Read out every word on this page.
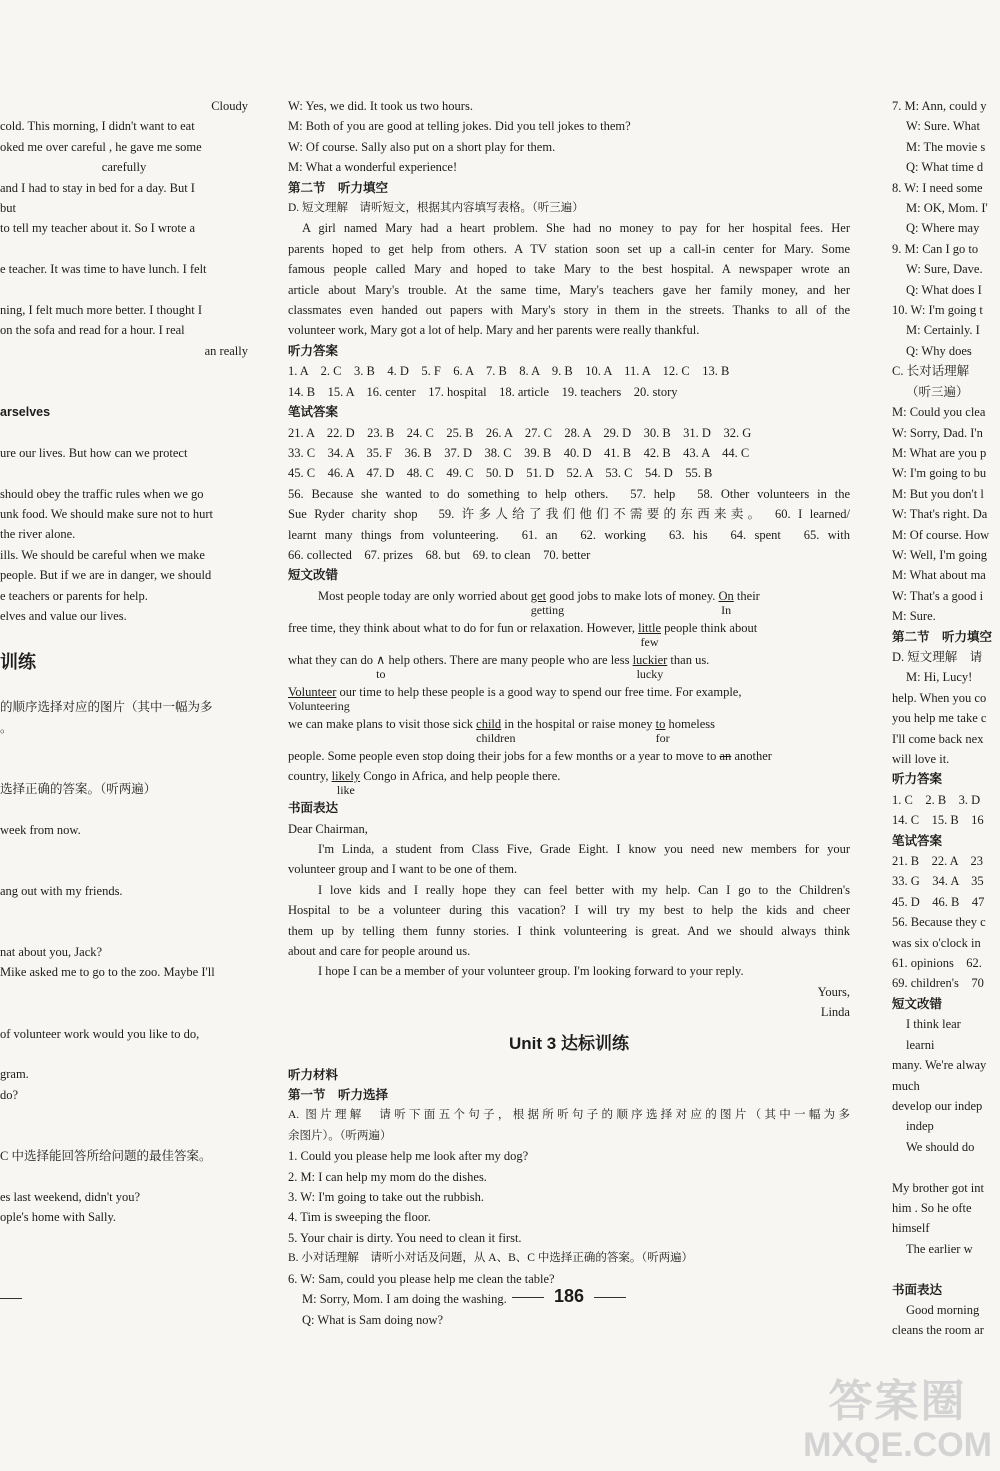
Cloudy
cold. This morning, I didn't want to eat
oked me over careful , he gave me some
carefully
and I had to stay in bed for a day. But I
but
to tell my teacher about it. So I wrote a
e teacher. It was time to have lunch. I felt
ning, I felt much more better. I thought I
on the sofa and read for a hour. I real
an really
arselves
ure our lives. But how can we protect
should obey the traffic rules when we go
unk food. We should make sure not to hurt
the river alone.
ills. We should be careful when we make
people. But if we are in danger, we should
e teachers or parents for help.
elves and value our lives.
训练
的顺序选择对应的图片（其中一幅为多
。
选择正确的答案。（听两遍）
week from now.
ang out with my friends.
nat about you, Jack?
Mike asked me to go to the zoo. Maybe I'll
of volunteer work would you like to do,
gram.
do?
C 中选择能回答所给问题的最佳答案。
es last weekend, didn't you?
ople's home with Sally.
W: Yes, we did. It took us two hours.
M: Both of you are good at telling jokes. Did you tell jokes to them?
W: Of course. Sally also put on a short play for them.
M: What a wonderful experience!
第二节　听力填空
D. 短文理解　请听短文，根据其内容填写表格。（听三遍）
A girl named Mary had a heart problem. She had no money to pay for her hospital fees. Her
parents hoped to get help from others. A TV station soon set up a call-in center for Mary. Some
famous people called Mary and hoped to take Mary to the best hospital. A newspaper wrote an
article about Mary's trouble. At the same time, Mary's teachers gave her family money, and her
classmates even handed out papers with Mary's story in them in the streets. Thanks to all of the
volunteer work, Mary got a lot of help. Mary and her parents were really thankful.
听力答案
1. A　2. C　3. B　4. D　5. F　6. A　7. B　8. A　9. B　10. A　11. A　12. C　13. B
14. B　15. A　16. center　17. hospital　18. article　19. teachers　20. story
笔试答案
21. A　22. D　23. B　24. C　25. B　26. A　27. C　28. A　29. D　30. B　31. D　32. G
33. C　34. A　35. F　36. B　37. D　38. C　39. B　40. D　41. B　42. B　43. A　44. C
45. C　46. A　47. D　48. C　49. C　50. D　51. D　52. A　53. C　54. D　55. B
56. Because she wanted to do something to help others.　57. help　58. Other volunteers in the
Sue Ryder charity shop　59. 许多人给了我们他们不需要的东西来卖。　60. I learned/
learnt many things from volunteering.　61. an　62. working　63. his　64. spent　65. with
66. collected　67. prizes　68. but　69. to clean　70. better
短文改错
Most people today are only worried about get
getting
good jobs to make lots of money. $\frac{On}{In}$ their
free time, they think about what to do for fun or relaxation. However, little
few
people think about
what they can do ∧
to
help others. There are many people who are less luckier
lucky
than us.
Volunteer
Volunteering
our time to help these people is a good way to spend our free time. For example,
we can make plans to visit those sick child
children
in the hospital or raise money to
for
homeless
people. Some people even stop doing their jobs for a few months or a year to move to an another
country, likely
like
Congo in Africa, and help people there.
书面表达
Dear Chairman,
I'm Linda, a student from Class Five, Grade Eight. I know you need new members for your
volunteer group and I want to be one of them.
I love kids and I really hope they can feel better with my help. Can I go to the Children's
Hospital to be a volunteer during this vacation? I will try my best to help the kids and cheer
them up by telling them funny stories. I think volunteering is great. And we should always think
about and care for people around us.
I hope I can be a member of your volunteer group. I'm looking forward to your reply.
Yours,
Linda
Unit 3 达标训练
听力材料
第一节　听力选择
A. 图片理解　请听下面五个句子，根据所听句子的顺序选择对应的图片（其中一幅为多
余图片）。（听两遍）
1. Could you please help me look after my dog?
2. M: I can help my mom do the dishes.
3. W: I'm going to take out the rubbish.
4. Tim is sweeping the floor.
5. Your chair is dirty. You need to clean it first.
B. 小对话理解　请听小对话及问题，从 A、B、C 中选择正确的答案。（听两遍）
6. W: Sam, could you please help me clean the table?
M: Sorry, Mom. I am doing the washing.
Q: What is Sam doing now?
7. M: Ann, could y
W: Sure. What
M: The movie s
Q: What time d
8. W: I need some
M: OK, Mom. I'
Q: Where may
9. M: Can I go to
W: Sure, Dave.
Q: What does I
10. W: I'm going t
M: Certainly. I
Q: Why does
C. 长对话理解
（听三遍）
M: Could you clea
W: Sorry, Dad. I'n
M: What are you p
W: I'm going to bu
M: But you don't l
W: That's right. Da
M: Of course. How
W: Well, I'm going
M: What about ma
W: That's a good i
M: Sure.
第二节　听力填空
D. 短文理解　请
M: Hi, Lucy!
help. When you co
you help me take c
I'll come back nex
will love it.
听力答案
1. C　2. B　3. D
14. C　15. B　16
笔试答案
21. B　22. A　23
33. G　34. A　35
45. D　46. B　47
56. Because they c
was six o'clock in
61. opinions　62.
69. children's　70
短文改错
I think lear
learni
many. We're alway
much
develop our indep
indep
We should do
My brother got int
him . So he ofte
himself
The earlier w
书面表达
Good morning
cleans the room ar
186
答案圈
MXQE.COM
